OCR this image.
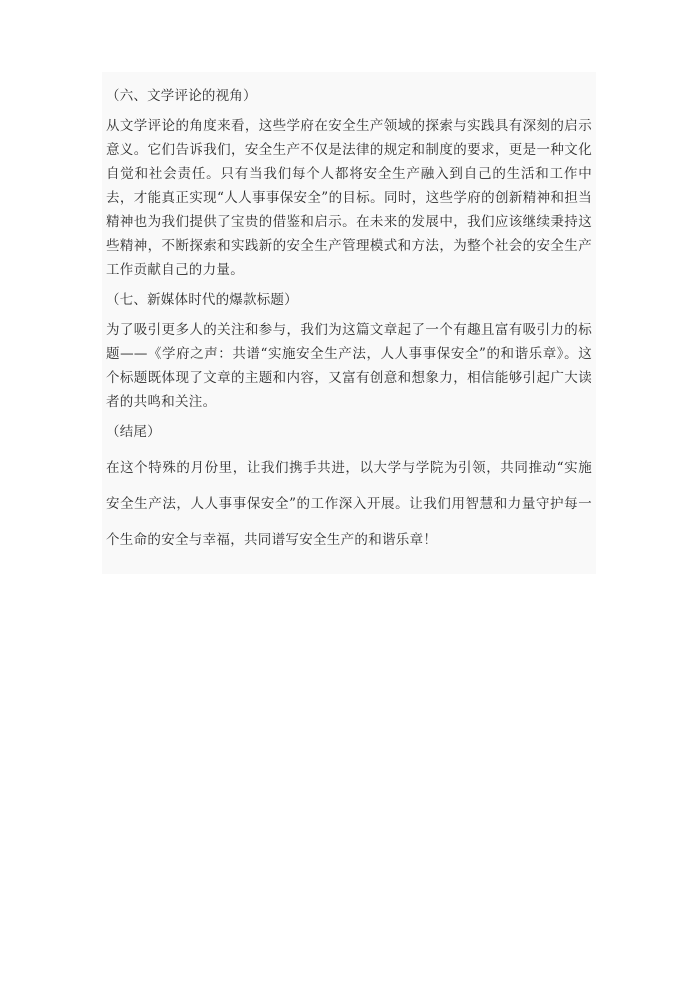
（六、文学评论的视角）

从文学评论的角度来看，这些学府在安全生产领域的探索与实践具有深刻的启示意义。它们告诉我们，安全生产不仅是法律的规定和制度的要求，更是一种文化自觉和社会责任。只有当我们每个人都将安全生产融入到自己的生活和工作中去，才能真正实现“人人事事保安全”的目标。同时，这些学府的创新精神和担当精神也为我们提供了宝贵的借鉴和启示。在未来的发展中，我们应该继续秉持这些精神，不断探索和实践新的安全生产管理模式和方法，为整个社会的安全生产工作贡献自己的力量。

（七、新媒体时代的爆款标题）

为了吸引更多人的关注和参与，我们为这篇文章起了一个有趣且富有吸引力的标题——《学府之声：共谱“实施安全生产法，人人事事保安全”的和谐乐章》。这个标题既体现了文章的主题和内容，又富有创意和想象力，相信能够引起广大读者的共鸣和关注。

（结尾）

在这个特殊的月份里，让我们携手共进，以大学与学院为引领，共同推动“实施安全生产法，人人事事保安全”的工作深入开展。让我们用智慧和力量守护每一个生命的安全与幸福，共同谱写安全生产的和谐乐章！
